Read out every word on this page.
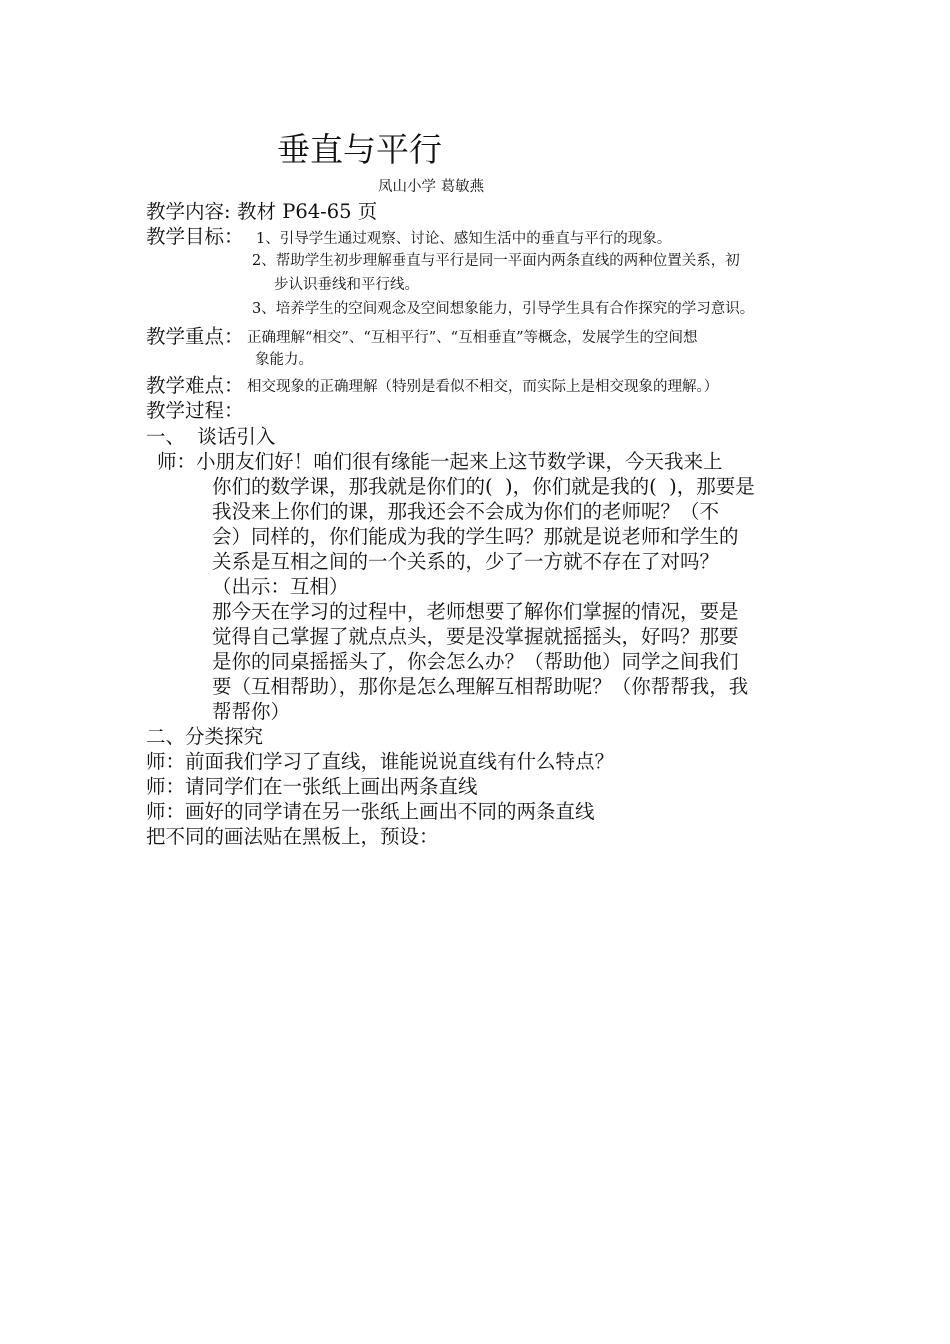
垂直与平行
凤山小学 葛敏燕
教学内容: 教材 P64-65 页
教学目标： 1、引导学生通过观察、讨论、感知生活中的垂直与平行的现象。
2、帮助学生初步理解垂直与平行是同一平面内两条直线的两种位置关系，初
步认识垂线和平行线。
3、培养学生的空间观念及空间想象能力，引导学生具有合作探究的学习意识。
教学重点： 正确理解“相交”、“互相平行”、“互相垂直”等概念，发展学生的空间想
象能力。
教学难点： 相交现象的正确理解（特别是看似不相交，而实际上是相交现象的理解。）
教学过程：
一、  谈话引入
师：小朋友们好！咱们很有缘能一起来上这节数学课，今天我来上
你们的数学课，那我就是你们的(  )，你们就是我的(  )，那要是
我没来上你们的课，那我还会不会成为你们的老师呢？（不
会）同样的，你们能成为我的学生吗？那就是说老师和学生的
关系是互相之间的一个关系的，少了一方就不存在了对吗？
（出示：互相）
那今天在学习的过程中，老师想要了解你们掌握的情况，要是
觉得自己掌握了就点点头，要是没掌握就摇摇头，好吗？那要
是你的同桌摇摇头了，你会怎么办？（帮助他）同学之间我们
要（互相帮助），那你是怎么理解互相帮助呢？（你帮帮我，我
帮帮你）
二、分类探究
师：前面我们学习了直线，谁能说说直线有什么特点？
师：请同学们在一张纸上画出两条直线
师：画好的同学请在另一张纸上画出不同的两条直线
把不同的画法贴在黑板上，预设：
